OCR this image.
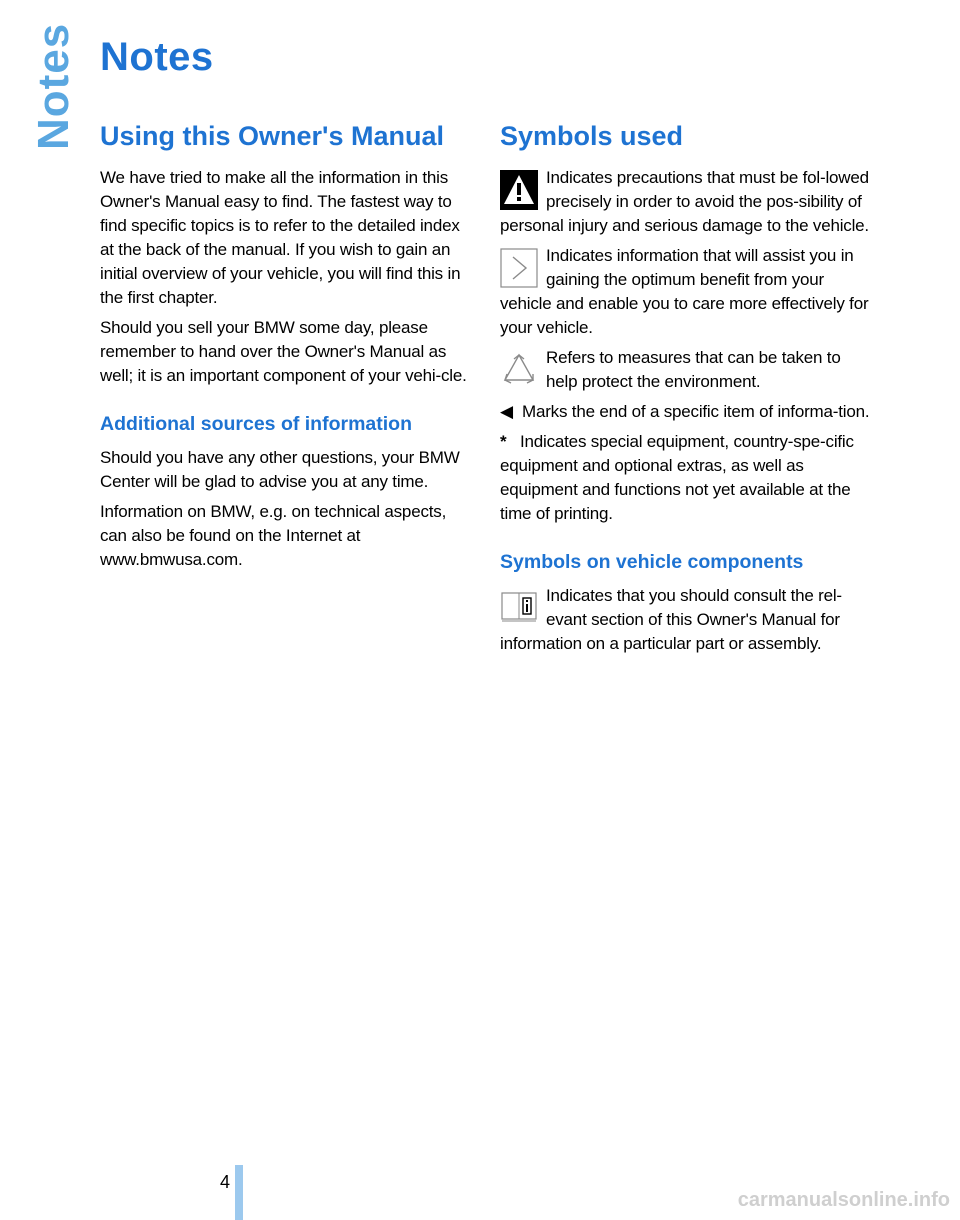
Notes Notes
Using this Owner's Manual

We have tried to make all the information in this Owner's Manual easy to find. The fastest way to find specific topics is to refer to the detailed index at the back of the manual. If you wish to gain an initial overview of your vehicle, you will find this in the first chapter.

Should you sell your BMW some day, please remember to hand over the Owner's Manual as well; it is an important component of your vehi-cle.

Additional sources of information

Should you have any other questions, your BMW Center will be glad to advise you at any time.

Information on BMW, e.g. on technical aspects, can also be found on the Internet at www.bmwusa.com.

Symbols used
Indicates precautions that must be fol-lowed precisely in order to avoid the pos-sibility of personal injury and serious damage to the vehicle.
Indicates information that will assist you in gaining the optimum benefit from your vehicle and enable you to care more effectively for your vehicle.
Refers to measures that can be taken to help protect the environment.

◀ Marks the end of a specific item of informa-tion.

* Indicates special equipment, country-spe-cific equipment and optional extras, as well as equipment and functions not yet available at the time of printing.

Symbols on vehicle components
Indicates that you should consult the rel-evant section of this Owner's Manual for information on a particular part or assembly.
4
carmanualsonline.info
